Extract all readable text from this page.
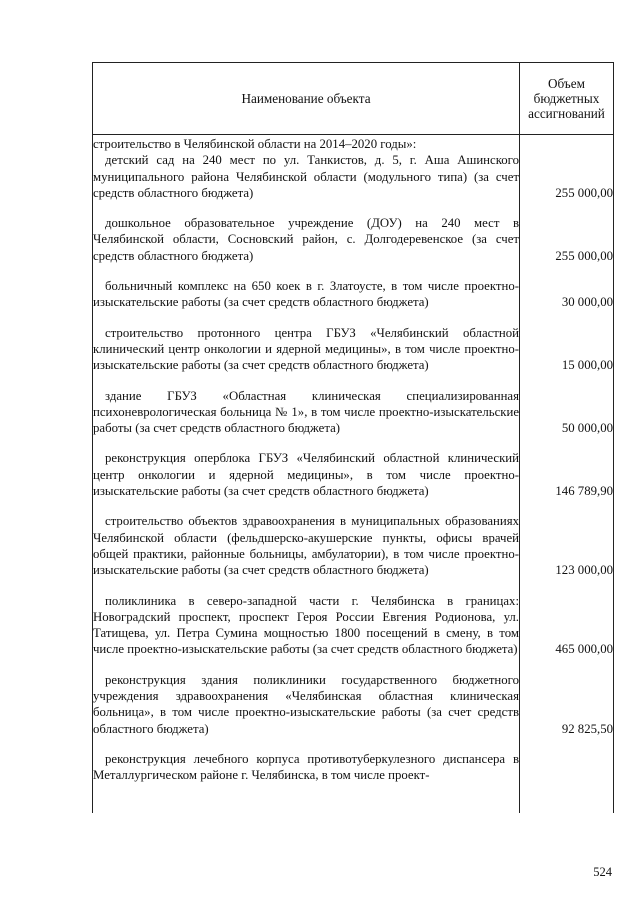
Наименование объекта	Объем бюджетных ассигнований

строительство в Челябинской области на 2014–2020 годы»:
детский сад на 240 мест по ул. Танкистов, д. 5, г. Аша Ашинского муниципального района Челябинской области (модульного типа) (за счет средств областного бюджета)	255 000,00
дошкольное образовательное учреждение (ДОУ) на 240 мест в Челябинской области, Сосновский район, с. Долгодеревенское (за счет средств областного бюджета)	255 000,00
больничный комплекс на 650 коек в г. Златоусте, в том числе проектно-изыскательские работы (за счет средств областного бюджета)	30 000,00
строительство протонного центра ГБУЗ «Челябинский областной клинический центр онкологии и ядерной медицины», в том числе проектно-изыскательские работы (за счет средств областного бюджета)	15 000,00
здание ГБУЗ «Областная клиническая специализированная психоневрологическая больница № 1», в том числе проектно-изыскательские работы (за счет средств областного бюджета)	50 000,00
реконструкция оперблока ГБУЗ «Челябинский областной клинический центр онкологии и ядерной медицины», в том числе проектно-изыскательские работы (за счет средств областного бюджета)	146 789,90
строительство объектов здравоохранения в муниципальных образованиях Челябинской области (фельдшерско-акушерские пункты, офисы врачей общей практики, районные больницы, амбулатории), в том числе проектно-изыскательские работы (за счет средств областного бюджета)	123 000,00
поликлиника в северо-западной части г. Челябинска в границах: Новоградский проспект, проспект Героя России Евгения Родионова, ул. Татищева, ул. Петра Сумина мощностью 1800 посещений в смену, в том числе проектно-изыскательские работы (за счет средств областного бюджета)	465 000,00
реконструкция здания поликлиники государственного бюджетного учреждения здравоохранения «Челябинская областная клиническая больница», в том числе проектно-изыскательские работы (за счет средств областного бюджета)	92 825,50
реконструкция лечебного корпуса противотуберкулезного диспансера в Металлургическом районе г. Челябинска, в том числе проект-	
524
